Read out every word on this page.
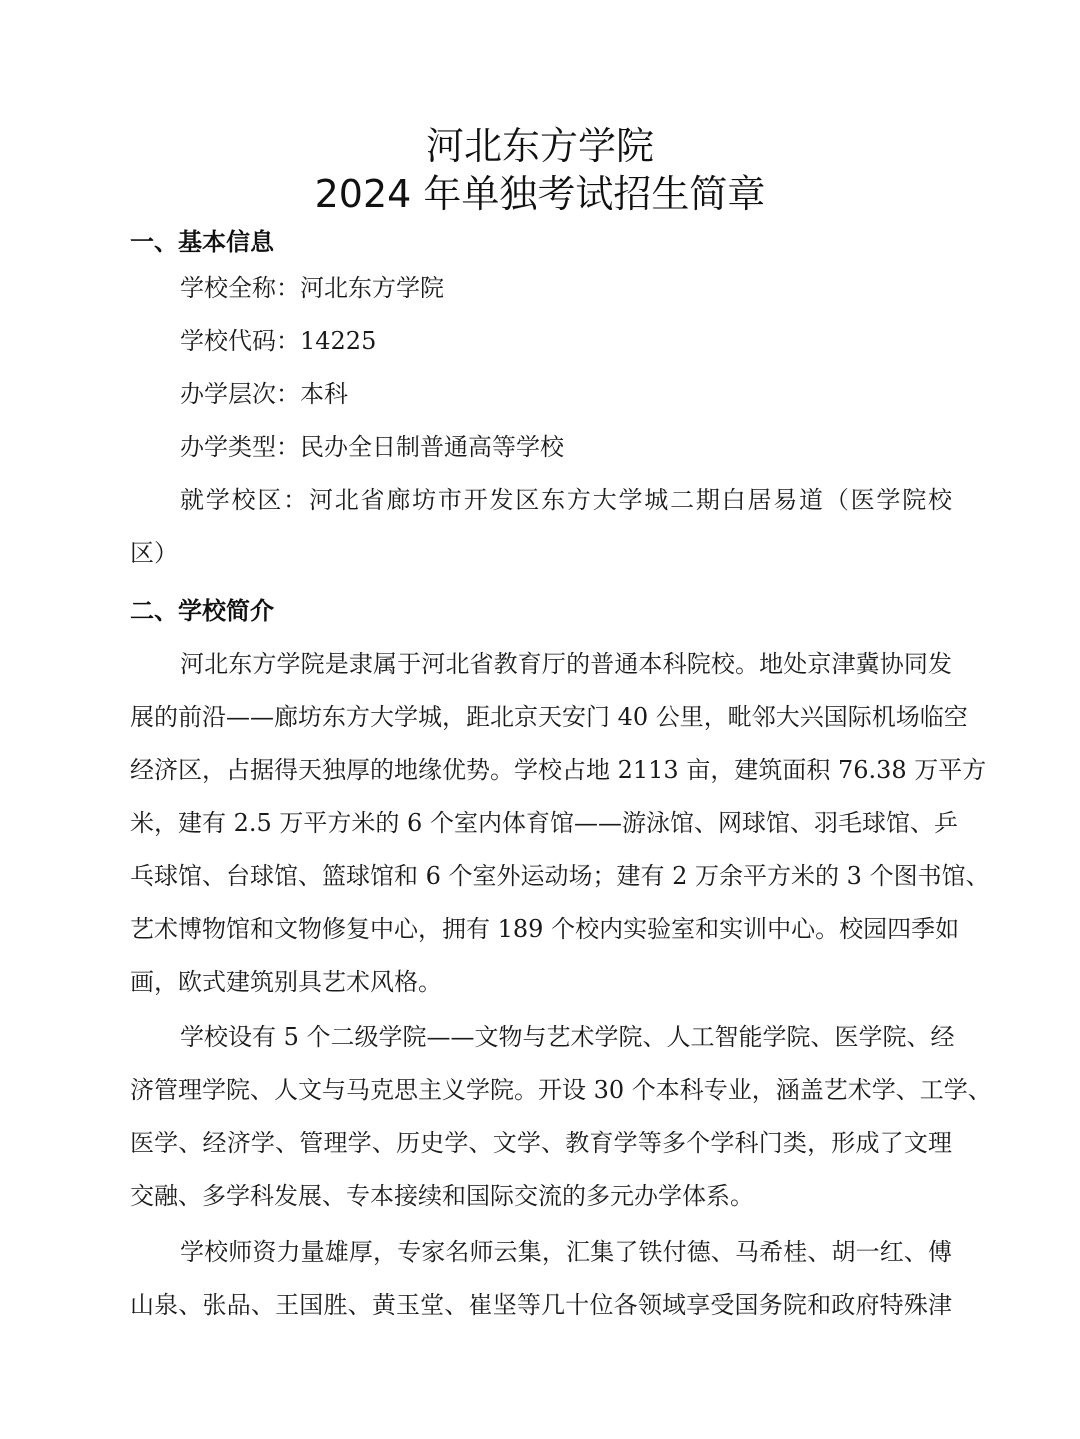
河北东方学院
2024 年单独考试招生简章
一、基本信息
学校全称：河北东方学院
学校代码：14225
办学层次：本科
办学类型：民办全日制普通高等学校
就学校区：河北省廊坊市开发区东方大学城二期白居易道（医学院校
区）
二、学校简介
河北东方学院是隶属于河北省教育厅的普通本科院校。地处京津冀协同发
展的前沿——廊坊东方大学城，距北京天安门 40 公里，毗邻大兴国际机场临空
经济区，占据得天独厚的地缘优势。学校占地 2113 亩，建筑面积 76.38 万平方
米，建有 2.5 万平方米的 6 个室内体育馆——游泳馆、网球馆、羽毛球馆、乒
乓球馆、台球馆、篮球馆和 6 个室外运动场；建有 2 万余平方米的 3 个图书馆、
艺术博物馆和文物修复中心，拥有 189 个校内实验室和实训中心。校园四季如
画，欧式建筑别具艺术风格。
学校设有 5 个二级学院——文物与艺术学院、人工智能学院、医学院、经
济管理学院、人文与马克思主义学院。开设 30 个本科专业，涵盖艺术学、工学、
医学、经济学、管理学、历史学、文学、教育学等多个学科门类，形成了文理
交融、多学科发展、专本接续和国际交流的多元办学体系。
学校师资力量雄厚，专家名师云集，汇集了铁付德、马希桂、胡一红、傅
山泉、张品、王国胜、黄玉堂、崔坚等几十位各领域享受国务院和政府特殊津
